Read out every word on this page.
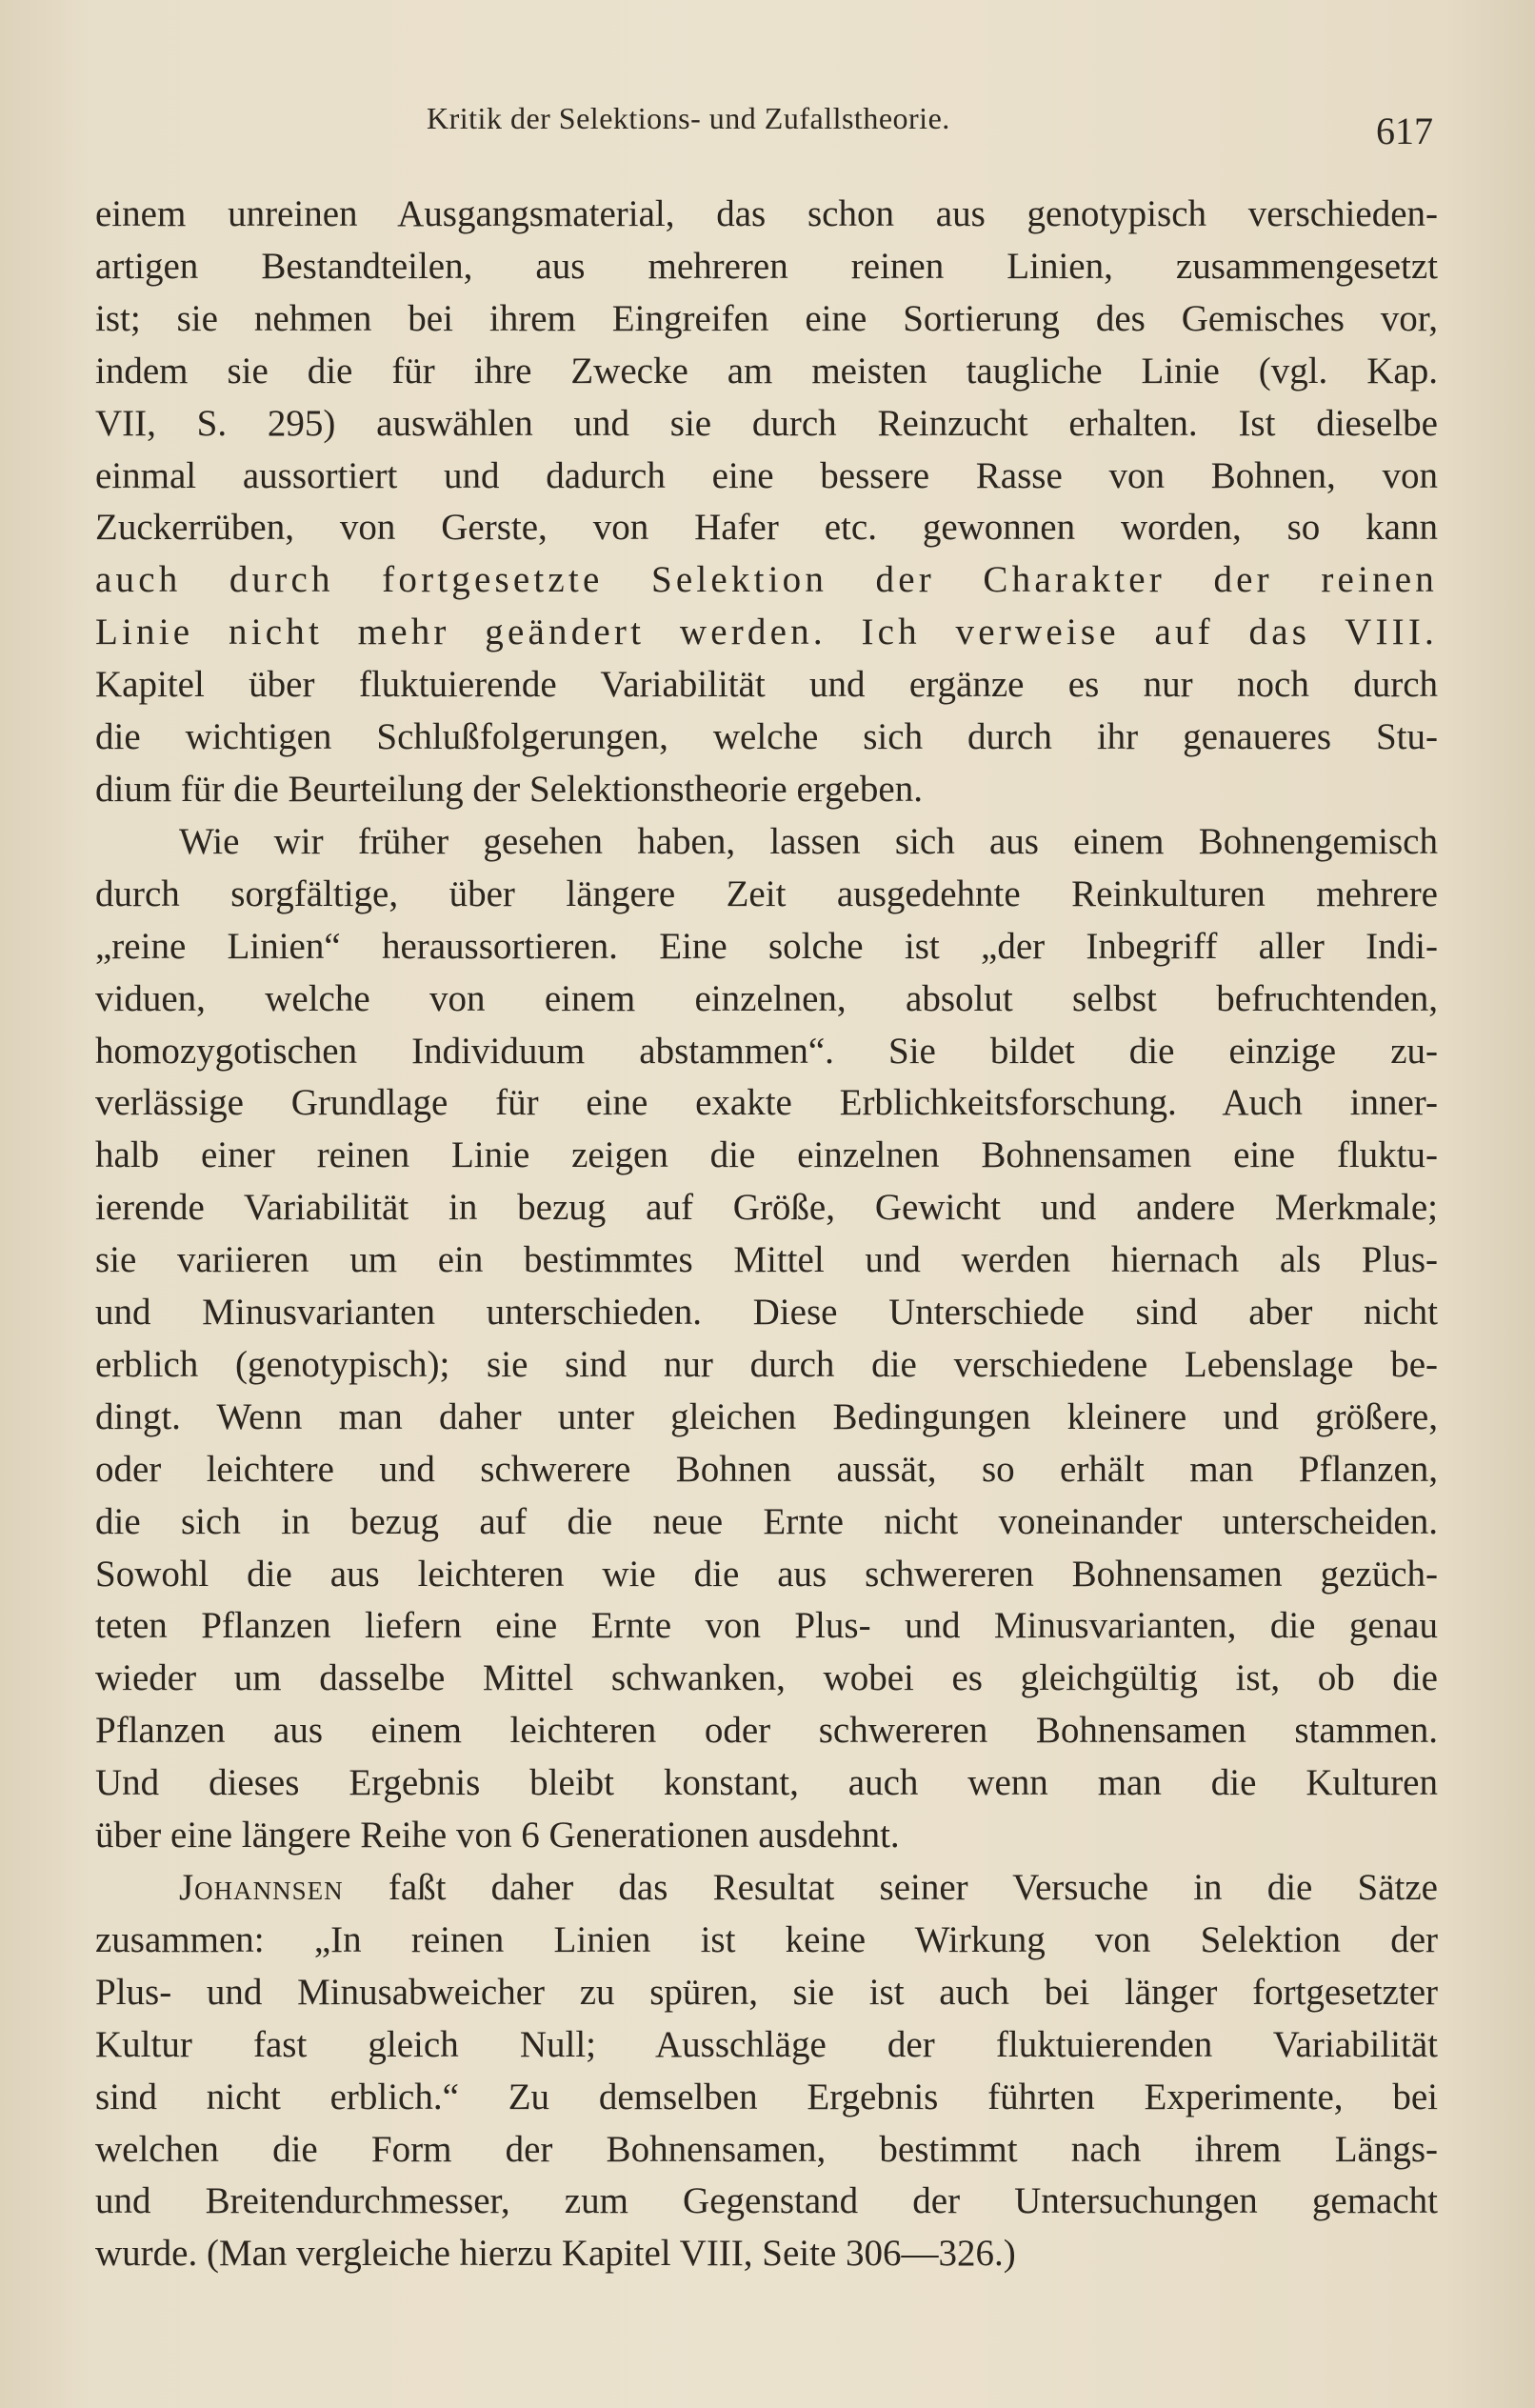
Kritik der Selektions- und Zufallstheorie.	617
einem unreinen Ausgangsmaterial, das schon aus genotypisch verschieden-
artigen Bestandteilen, aus mehreren reinen Linien, zusammengesetzt
ist; sie nehmen bei ihrem Eingreifen eine Sortierung des Gemisches vor,
indem sie die für ihre Zwecke am meisten taugliche Linie (vgl. Kap.
VII, S. 295) auswählen und sie durch Reinzucht erhalten. Ist dieselbe
einmal aussortiert und dadurch eine bessere Rasse von Bohnen, von
Zuckerrüben, von Gerste, von Hafer etc. gewonnen worden, so kann
auch durch fortgesetzte Selektion der Charakter der reinen
Linie nicht mehr geändert werden. Ich verweise auf das VIII.
Kapitel über fluktuierende Variabilität und ergänze es nur noch durch
die wichtigen Schlußfolgerungen, welche sich durch ihr genaueres Stu-
dium für die Beurteilung der Selektionstheorie ergeben.
Wie wir früher gesehen haben, lassen sich aus einem Bohnengemisch
durch sorgfältige, über längere Zeit ausgedehnte Reinkulturen mehrere
„reine Linien“ heraussortieren. Eine solche ist „der Inbegriff aller Indi-
viduen, welche von einem einzelnen, absolut selbst befruchtenden,
homozygotischen Individuum abstammen“. Sie bildet die einzige zu-
verlässige Grundlage für eine exakte Erblichkeitsforschung. Auch inner-
halb einer reinen Linie zeigen die einzelnen Bohnensamen eine fluktu-
ierende Variabilität in bezug auf Größe, Gewicht und andere Merkmale;
sie variieren um ein bestimmtes Mittel und werden hiernach als Plus-
und Minusvarianten unterschieden. Diese Unterschiede sind aber nicht
erblich (genotypisch); sie sind nur durch die verschiedene Lebenslage be-
dingt. Wenn man daher unter gleichen Bedingungen kleinere und größere,
oder leichtere und schwerere Bohnen aussät, so erhält man Pflanzen,
die sich in bezug auf die neue Ernte nicht voneinander unterscheiden.
Sowohl die aus leichteren wie die aus schwereren Bohnensamen gezüch-
teten Pflanzen liefern eine Ernte von Plus- und Minusvarianten, die genau
wieder um dasselbe Mittel schwanken, wobei es gleichgültig ist, ob die
Pflanzen aus einem leichteren oder schwereren Bohnensamen stammen.
Und dieses Ergebnis bleibt konstant, auch wenn man die Kulturen
über eine längere Reihe von 6 Generationen ausdehnt.
Johannsen faßt daher das Resultat seiner Versuche in die Sätze
zusammen: „In reinen Linien ist keine Wirkung von Selektion der
Plus- und Minusabweicher zu spüren, sie ist auch bei länger fortgesetzter
Kultur fast gleich Null; Ausschläge der fluktuierenden Variabilität
sind nicht erblich.“ Zu demselben Ergebnis führten Experimente, bei
welchen die Form der Bohnensamen, bestimmt nach ihrem Längs-
und Breitendurchmesser, zum Gegenstand der Untersuchungen gemacht
wurde. (Man vergleiche hierzu Kapitel VIII, Seite 306—326.)
